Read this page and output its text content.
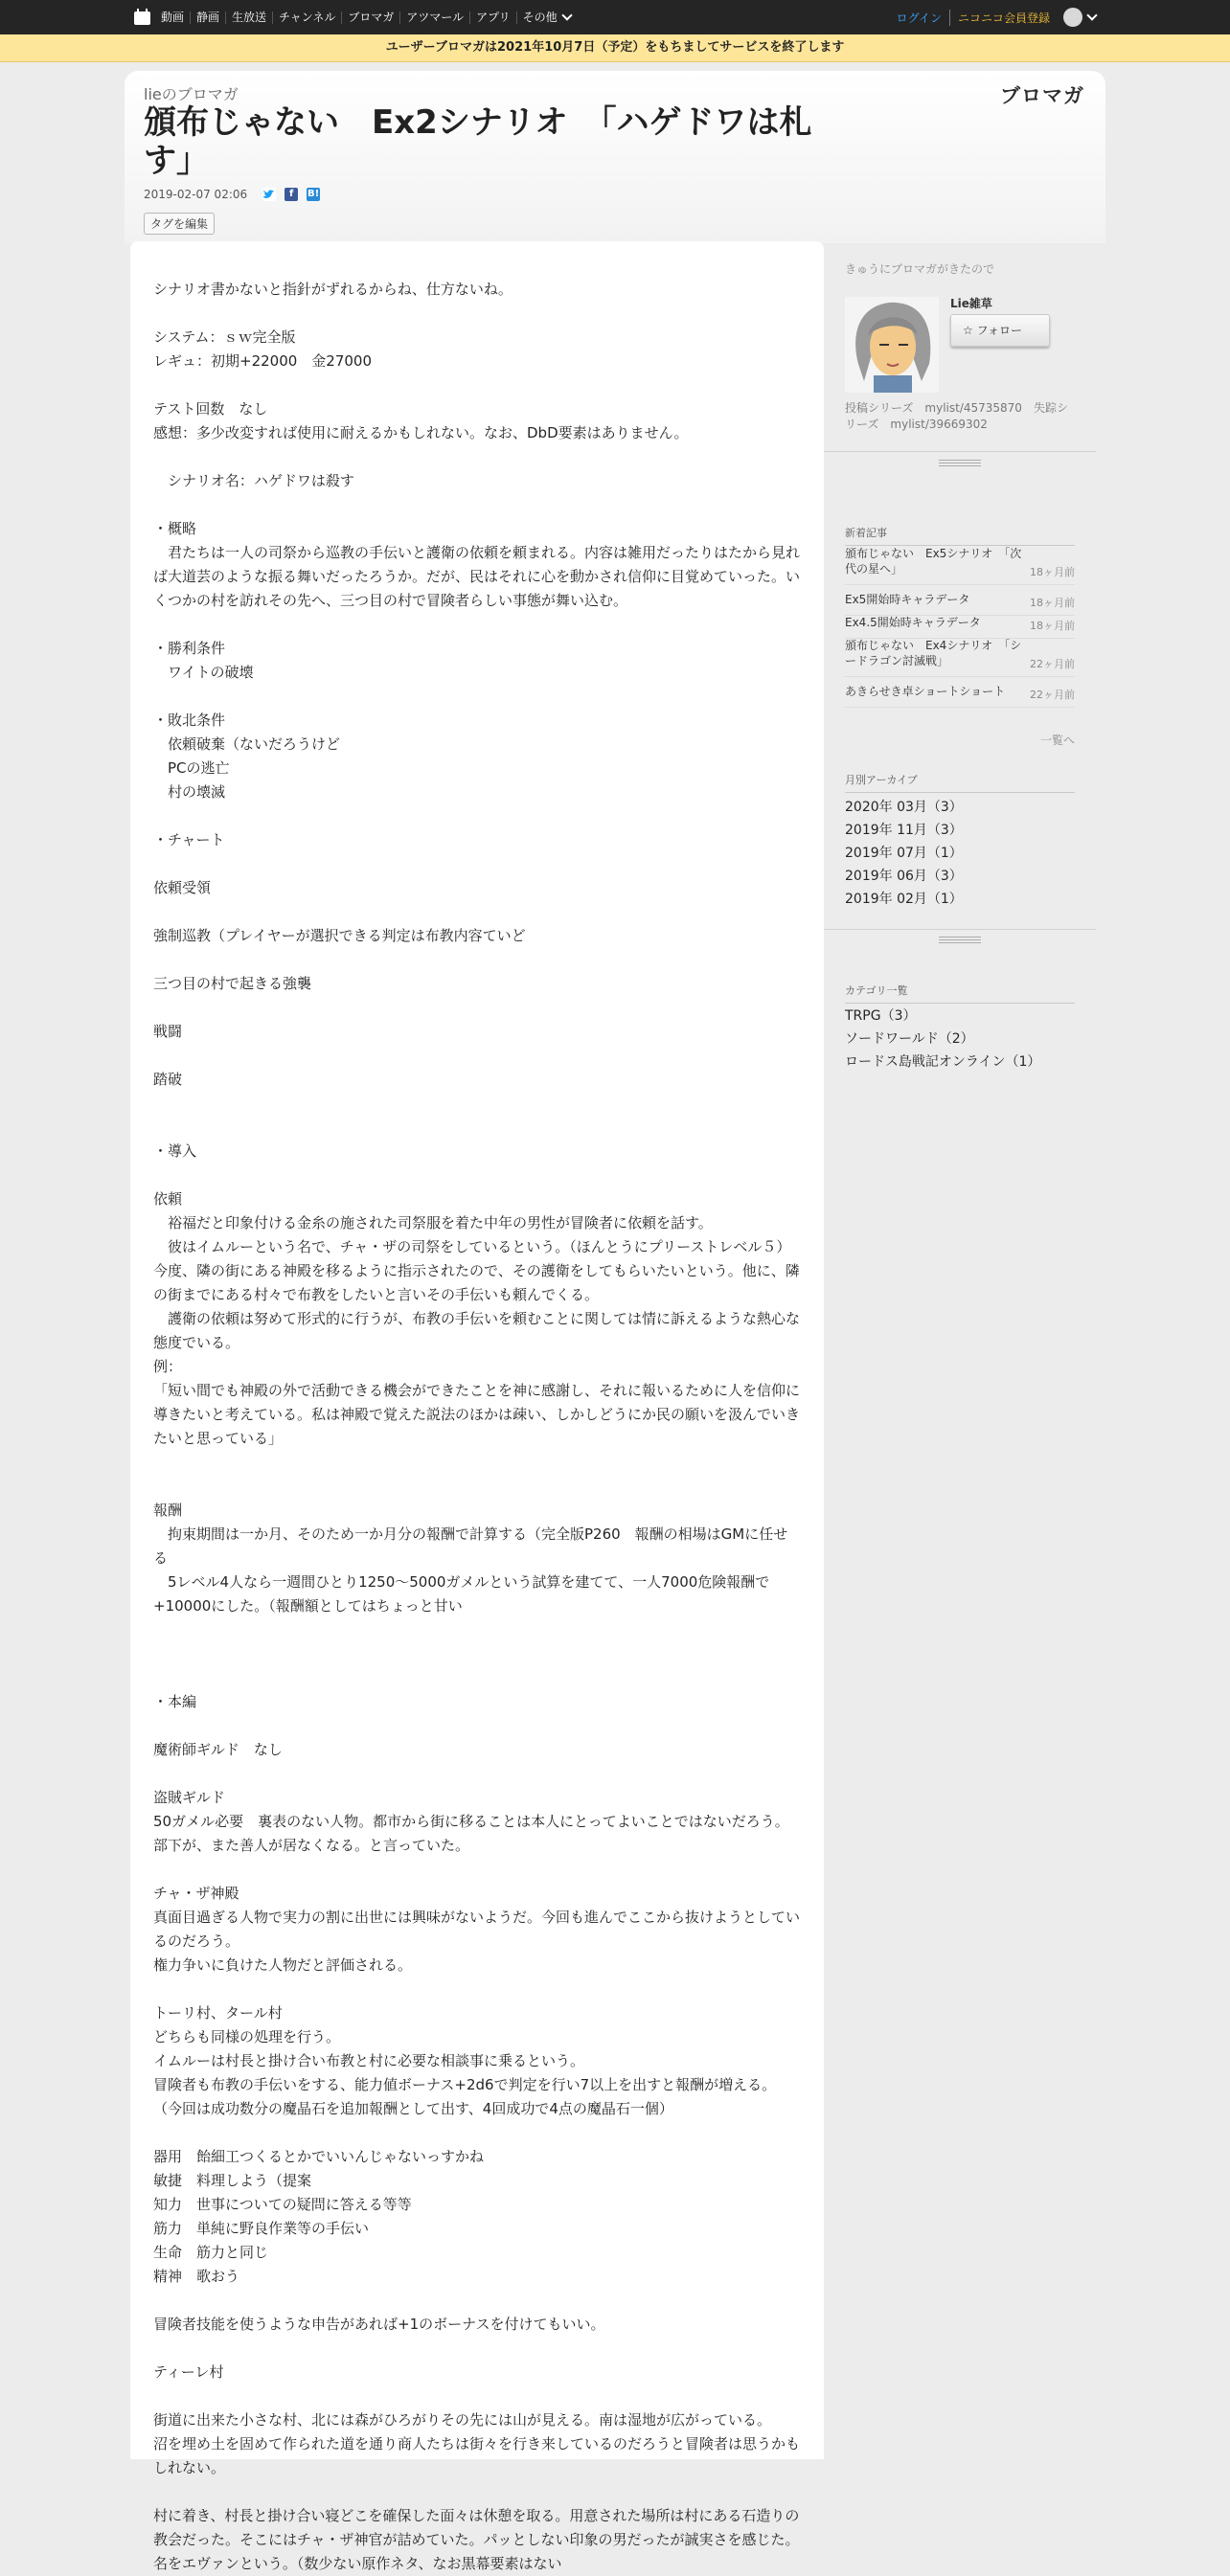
動画	静画	生放送	チャンネル	ブロマガ	アツマール	アプリ	その他	ログイン	ニコニコ会員登録
ユーザーブロマガは2021年10月7日（予定）をもちましてサービスを終了します
lieのブロマガ	ブロマガ
頒布じゃない　Ex2シナリオ　「ハゲドワは札す」
2019-02-07 02:06	f	B!
タグを編集

シナリオ書かないと指針がずれるからね、仕方ないね。

システム：ｓｗ完全版
レギュ：初期+22000　金27000

テスト回数　なし
感想：多少改変すれば使用に耐えるかもしれない。なお、DbD要素はありません。

　シナリオ名：ハゲドワは殺す

・概略
　君たちは一人の司祭から巡教の手伝いと護衛の依頼を頼まれる。内容は雑用だったりはたから見れば大道芸のような振る舞いだったろうか。だが、民はそれに心を動かされ信仰に目覚めていった。いくつかの村を訪れその先へ、三つ目の村で冒険者らしい事態が舞い込む。

・勝利条件
　ワイトの破壊

・敗北条件
　依頼破棄（ないだろうけど
　PCの逃亡
　村の壊滅

・チャート

依頼受領

強制巡教（プレイヤーが選択できる判定は布教内容ていど

三つ目の村で起きる強襲

戦闘

踏破

・導入

依頼
　裕福だと印象付ける金糸の施された司祭服を着た中年の男性が冒険者に依頼を話す。
　彼はイムルーという名で、チャ・ザの司祭をしているという。（ほんとうにプリーストレベル５）
今度、隣の街にある神殿を移るように指示されたので、その護衛をしてもらいたいという。他に、隣の街までにある村々で布教をしたいと言いその手伝いも頼んでくる。
　護衛の依頼は努めて形式的に行うが、布教の手伝いを頼むことに関しては情に訴えるような熱心な態度でいる。
例：
「短い間でも神殿の外で活動できる機会ができたことを神に感謝し、それに報いるために人を信仰に導きたいと考えている。私は神殿で覚えた説法のほかは疎い、しかしどうにか民の願いを汲んでいきたいと思っている」

報酬
　拘束期間は一か月、そのため一か月分の報酬で計算する（完全版P260　報酬の相場はGMに任せる
　5レベル4人なら一週間ひとり1250～5000ガメルという試算を建てて、一人7000危険報酬で+10000にした。（報酬額としてはちょっと甘い

・本編

魔術師ギルド　なし

盗賊ギルド
50ガメル必要　裏表のない人物。都市から街に移ることは本人にとってよいことではないだろう。
部下が、また善人が居なくなる。と言っていた。

チャ・ザ神殿
真面目過ぎる人物で実力の割に出世には興味がないようだ。今回も進んでここから抜けようとしているのだろう。
権力争いに負けた人物だと評価される。

トーリ村、タール村
どちらも同様の処理を行う。
イムルーは村長と掛け合い布教と村に必要な相談事に乗るという。
冒険者も布教の手伝いをする、能力値ボーナス+2d6で判定を行い7以上を出すと報酬が増える。
（今回は成功数分の魔晶石を追加報酬として出す、4回成功で4点の魔晶石一個）

器用　飴細工つくるとかでいいんじゃないっすかね
敏捷　料理しよう（提案
知力　世事についての疑問に答える等等
筋力　単純に野良作業等の手伝い
生命　筋力と同じ
精神　歌おう

冒険者技能を使うような申告があれば+1のボーナスを付けてもいい。

ティーレ村

街道に出来た小さな村、北には森がひろがりその先には山が見える。南は湿地が広がっている。
沼を埋め土を固めて作られた道を通り商人たちは街々を行き来しているのだろうと冒険者は思うかもしれない。

村に着き、村長と掛け合い寝どこを確保した面々は休憩を取る。用意された場所は村にある石造りの教会だった。そこにはチャ・ザ神官が詰めていた。パッとしない印象の男だったが誠実さを感じた。名をエヴァンという。（数少ない原作ネタ、なお黒幕要素はない

きゅうにブロマガがきたので
Lie雑草
☆ フォロー
投稿シリーズ　mylist/45735870　失踪シリーズ　mylist/39669302
新着記事
頒布じゃない　Ex5シナリオ　「次代の星へ」	18ヶ月前
Ex5開始時キャラデータ	18ヶ月前
Ex4.5開始時キャラデータ	18ヶ月前
頒布じゃない　Ex4シナリオ　「シードラゴン討滅戦」	22ヶ月前
あきらせき卓ショートショート	22ヶ月前
一覧へ
月別アーカイブ
2020年 03月（3）
2019年 11月（3）
2019年 07月（1）
2019年 06月（3）
2019年 02月（1）
カテゴリ一覧
TRPG（3）
ソードワールド（2）
ロードス島戦記オンライン（1）
